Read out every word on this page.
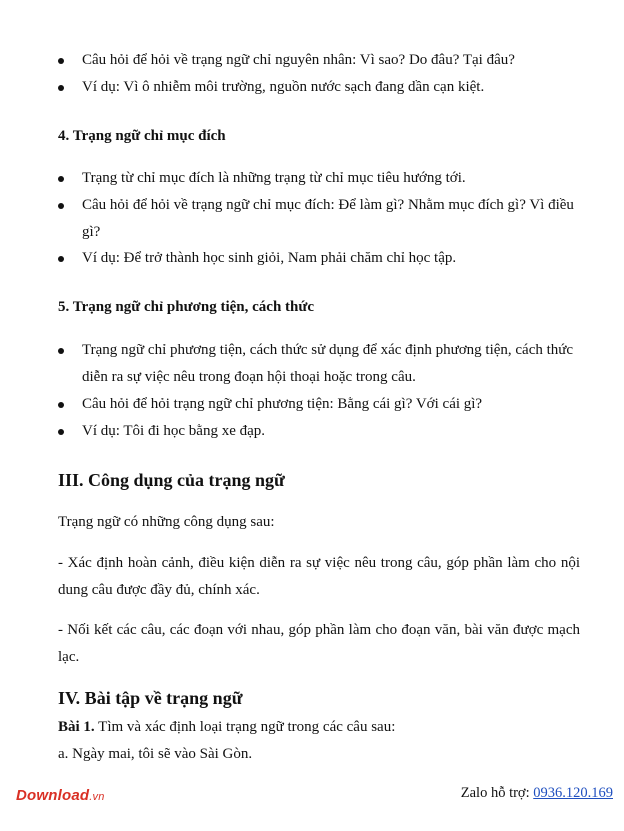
Câu hỏi để hỏi về trạng ngữ chỉ nguyên nhân: Vì sao? Do đâu? Tại đâu?
Ví dụ: Vì ô nhiễm môi trường, nguồn nước sạch đang dần cạn kiệt.
4. Trạng ngữ chỉ mục đích
Trạng từ chỉ mục đích là những trạng từ chỉ mục tiêu hướng tới.
Câu hỏi để hỏi về trạng ngữ chỉ mục đích: Để làm gì? Nhằm mục đích gì? Vì điều gì?
Ví dụ: Để trở thành học sinh giỏi, Nam phải chăm chỉ học tập.
5. Trạng ngữ chỉ phương tiện, cách thức
Trạng ngữ chỉ phương tiện, cách thức sử dụng để xác định phương tiện, cách thức diễn ra sự việc nêu trong đoạn hội thoại hoặc trong câu.
Câu hỏi để hỏi trạng ngữ chỉ phương tiện: Bằng cái gì? Với cái gì?
Ví dụ: Tôi đi học bằng xe đạp.
III. Công dụng của trạng ngữ
Trạng ngữ có những công dụng sau:
- Xác định hoàn cảnh, điều kiện diễn ra sự việc nêu trong câu, góp phần làm cho nội dung câu được đầy đủ, chính xác.
- Nối kết các câu, các đoạn với nhau, góp phần làm cho đoạn văn, bài văn được mạch lạc.
IV. Bài tập về trạng ngữ
Bài 1. Tìm và xác định loại trạng ngữ trong các câu sau:
a. Ngày mai, tôi sẽ vào Sài Gòn.
Download.vn	Zalo hỗ trợ: 0936.120.169
